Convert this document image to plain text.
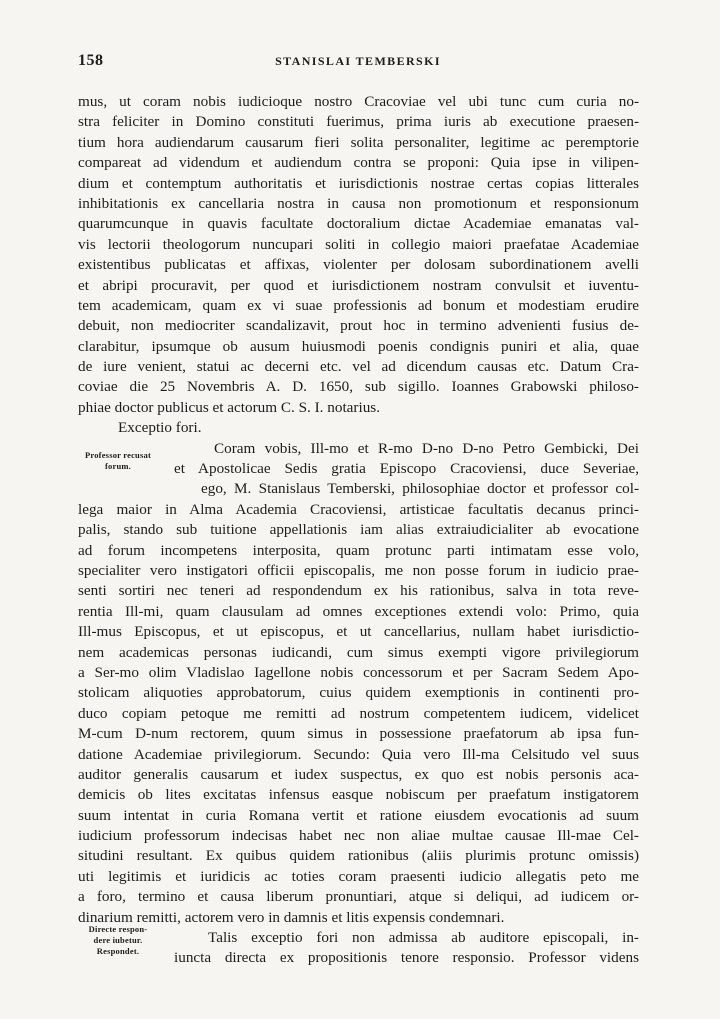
158	STANISLAI TEMBERSKI
Professor recusat
forum.
Directe respon-
dere iubetur.
Respondet.
mus, ut coram nobis iudicioque nostro Cracoviae vel ubi tunc cum curia no-
stra feliciter in Domino constituti fuerimus, prima iuris ab executione praesen-
tium hora audiendarum causarum fieri solita personaliter, legitime ac peremptorie
compareat ad videndum et audiendum contra se proponi: Quia ipse in vilipen-
dium et contemptum authoritatis et iurisdictionis nostrae certas copias litterales
inhibitationis ex cancellaria nostra in causa non promotionum et responsionum
quarumcunque in quavis facultate doctoralium dictae Academiae emanatas val-
vis lectorii theologorum nuncupari soliti in collegio maiori praefatae Academiae
existentibus publicatas et affixas, violenter per dolosam subordinationem avelli
et abripi procuravit, per quod et iurisdictionem nostram convulsit et iuventu-
tem academicam, quam ex vi suae professionis ad bonum et modestiam erudire
debuit, non mediocriter scandalizavit, prout hoc in termino advenienti fusius de-
clarabitur, ipsumque ob ausum huiusmodi poenis condignis puniri et alia, quae
de iure venient, statui ac decerni etc. vel ad dicendum causas etc. Datum Cra-
coviae die 25 Novembris A. D. 1650, sub sigillo. Ioannes Grabowski philoso-
phiae doctor publicus et actorum C. S. I. notarius.
Exceptio fori.
Coram vobis, Ill-mo et R-mo D-no D-no Petro Gembicki, Dei
et Apostolicae Sedis gratia Episcopo Cracoviensi, duce Severiae,
ego, M. Stanislaus Temberski, philosophiae doctor et professor col-
lega maior in Alma Academia Cracoviensi, artisticae facultatis decanus princi-
palis, stando sub tuitione appellationis iam alias extraiudicialiter ab evocatione
ad forum incompetens interposita, quam protunc parti intimatam esse volo,
specialiter vero instigatori officii episcopalis, me non posse forum in iudicio prae-
senti sortiri nec teneri ad respondendum ex his rationibus, salva in tota reve-
rentia Ill-mi, quam clausulam ad omnes exceptiones extendi volo: Primo, quia
Ill-mus Episcopus, et ut episcopus, et ut cancellarius, nullam habet iurisdictio-
nem academicas personas iudicandi, cum simus exempti vigore privilegiorum
a Ser-mo olim Vladislao Iagellone nobis concessorum et per Sacram Sedem Apo-
stolicam aliquoties approbatorum, cuius quidem exemptionis in continenti pro-
duco copiam petoque me remitti ad nostrum competentem iudicem, videlicet
M-cum D-num rectorem, quum simus in possessione praefatorum ab ipsa fun-
datione Academiae privilegiorum. Secundo: Quia vero Ill-ma Celsitudo vel suus
auditor generalis causarum et iudex suspectus, ex quo est nobis personis aca-
demicis ob lites excitatas infensus easque nobiscum per praefatum instigatorem
suum intentat in curia Romana vertit et ratione eiusdem evocationis ad suum
iudicium professorum indecisas habet nec non aliae multae causae Ill-mae Cel-
situdini resultant. Ex quibus quidem rationibus (aliis plurimis protunc omissis)
uti legitimis et iuridicis ac toties coram praesenti iudicio allegatis peto me
a foro, termino et causa liberum pronuntiari, atque si deliqui, ad iudicem or-
dinarium remitti, actorem vero in damnis et litis expensis condemnari.
Talis exceptio fori non admissa ab auditore episcopali, in-
iuncta directa ex propositionis tenore responsio. Professor videns
